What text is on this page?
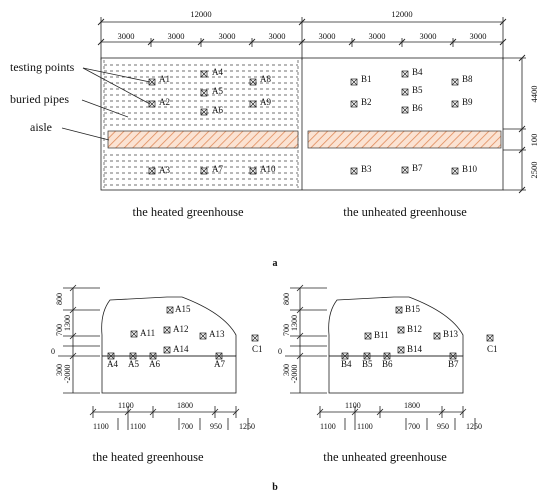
12000	12000
3000	3000	3000	3000	3000	3000	3000	3000
4400
100
2500
testing points
buried pipes
aisle
A1
A2
A3
A4
A5
A6
A7
A8
A9
A10
B1
B2
B3
B4
B5
B6
B7
B8
B9
B10
the heated greenhouse	the unheated greenhouse
a
A15
A11 A12 A13
A14
A4 A5 A6	A7
C1
800
1300
700
300 -2000
0
1100	1800
1100	1100	700 950 1250
the heated greenhouse
B15
B11
B12 B13
B14
B4 B5 B6	B7
C1
800
1300
700
300 -2000
0
1100	1800
1100	1100	700 950 1250
the unheated greenhouse
b
